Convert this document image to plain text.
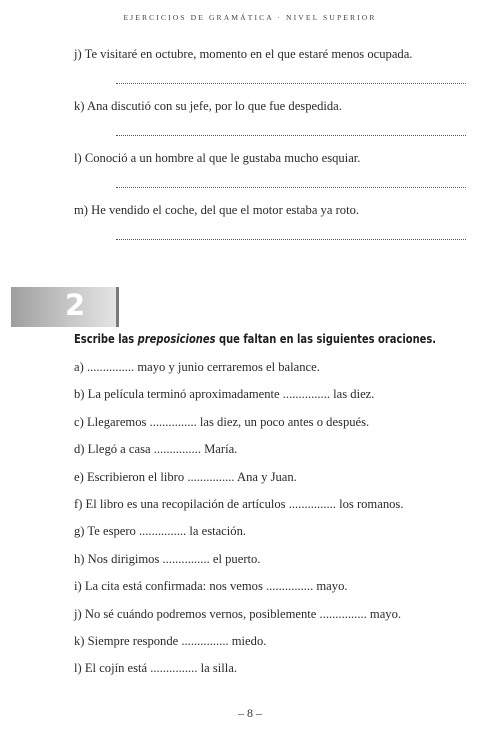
EJERCICIOS DE GRAMÁTICA · NIVEL SUPERIOR
j) Te visitaré en octubre, momento en el que estaré menos ocupada.
k) Ana discutió con su jefe, por lo que fue despedida.
l) Conoció a un hombre al que le gustaba mucho esquiar.
m) He vendido el coche, del que el motor estaba ya roto.
2
Escribe las preposiciones que faltan en las siguientes oraciones.
a) ............... mayo y junio cerraremos el balance.
b) La película terminó aproximadamente ............... las diez.
c) Llegaremos ............... las diez, un poco antes o después.
d) Llegó a casa ............... María.
e) Escribieron el libro ............... Ana y Juan.
f) El libro es una recopilación de artículos ............... los romanos.
g) Te espero ............... la estación.
h) Nos dirigimos ............... el puerto.
i) La cita está confirmada: nos vemos ............... mayo.
j) No sé cuándo podremos vernos, posiblemente ............... mayo.
k) Siempre responde ............... miedo.
l) El cojín está ............... la silla.
– 8 –
